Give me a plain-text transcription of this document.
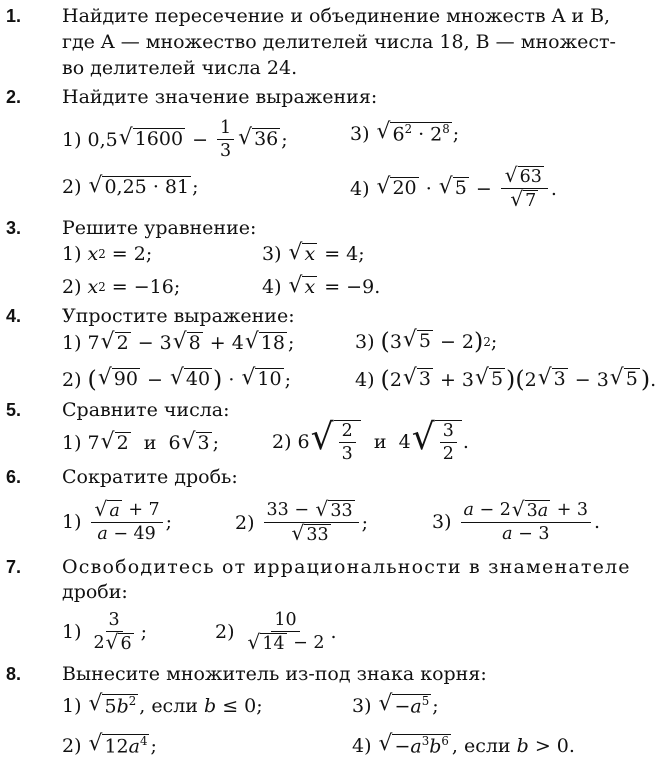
1. Найдите пересечение и объединение множеств A и B,
где A — множество делителей числа 18, B — множест-
во делителей числа 24.
2. Найдите значение выражения:
1) 0,5 √ $1600 - \frac{1}{3}$ √ 36 ;	3) √ $6^2 \cdot 2^8$ ;
2) √ 0,25 · 81 ;	4) √ 20 · √ $5 - \frac{√ 63}{√ 7}$ .
3. Решите уравнение:
1) x 2 = 2;	3) √ x = 4;
2) x 2 = −16;	4) √ x = −9.
4. Упростите выражение:
1) 7 √ 2 − 3 √ 8 + 4 √ 18 ;	3) ( 3 √ 5 − 2 ) 2 ;
2) ( √ 90 − √ 40 ) · √ 10 ;	4) ( 2 √ 3 + 3 √ 5 )( 2 √ 3 − 3 √ 5 ) .
5. Сравните числа:
1) 7 √ 2 и  6 √ 3 ;	2) 6 √ $\frac{2}{3}$ и  4 √ $\frac{3}{2}$ .
6. Сократите дробь:
$1) \frac{√ a + 7}{a - 49}$ ;	$2) \frac{33 - √ 33}{√ 33}$ ;	$3) \frac{a - 2 √ 3a + 3}{a - 3}$ .
7. Освободитесь от иррациональности в знаменателе
дроби:
$1) \frac{3}{2 √ 6}$ ;	$2) \frac{10}{√ 14 - 2}$ .
8. Вынесите множитель из-под знака корня:
1) √ $5b^2$ , если b ≤ 0;	3) √ $-a^5$ ;
2) √ $12a^4$ ;	4) √ $-a^3b^6$ , если b > 0.
